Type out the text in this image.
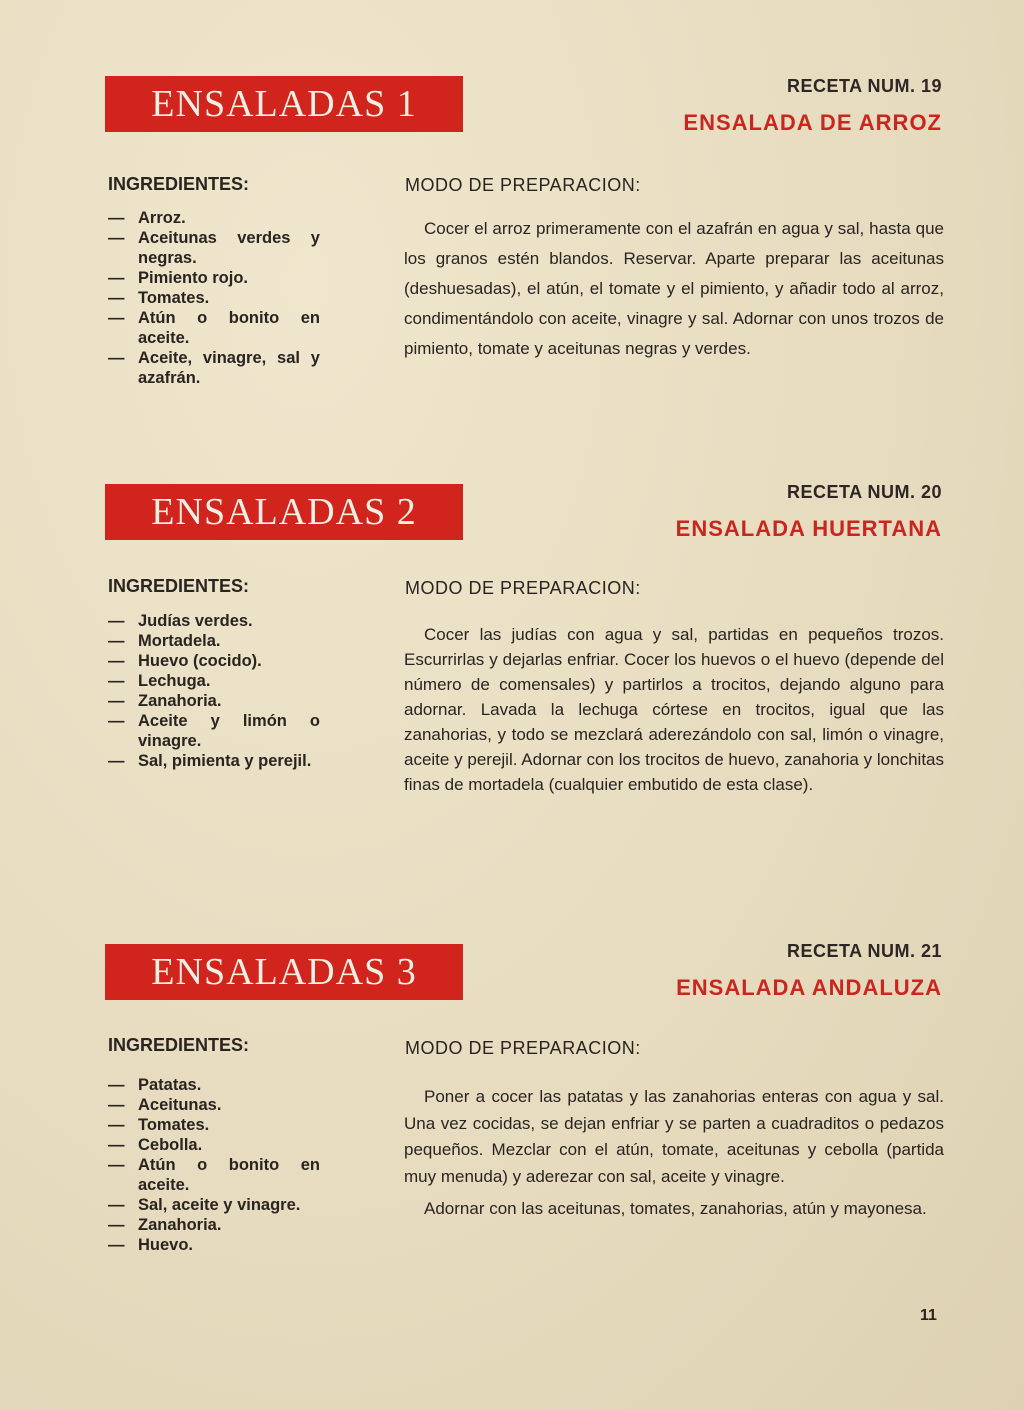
ENSALADAS 1	RECETA NUM. 19
ENSALADA DE ARROZ
INGREDIENTES:
— Arroz.
— Aceitunas verdes y negras.
— Pimiento rojo.
— Tomates.
— Atún o bonito en aceite.
— Aceite, vinagre, sal y azafrán.
MODO DE PREPARACION:

Cocer el arroz primeramente con el azafrán en agua y sal, hasta que los granos estén blandos. Reservar. Aparte preparar las aceitunas (deshuesadas), el atún, el tomate y el pimiento, y añadir todo al arroz, condimentándolo con aceite, vinagre y sal. Adornar con unos trozos de pimiento, tomate y aceitunas negras y verdes.

ENSALADAS 2	RECETA NUM. 20
ENSALADA HUERTANA
INGREDIENTES:
— Judías verdes.
— Mortadela.
— Huevo (cocido).
— Lechuga.
— Zanahoria.
— Aceite y limón o vinagre.
— Sal, pimienta y perejil.
MODO DE PREPARACION:

Cocer las judías con agua y sal, partidas en pequeños trozos. Escurrirlas y dejarlas enfriar. Cocer los huevos o el huevo (depende del número de comensales) y partirlos a trocitos, dejando alguno para adornar. Lavada la lechuga córtese en trocitos, igual que las zanahorias, y todo se mezclará aderezándolo con sal, limón o vinagre, aceite y perejil. Adornar con los trocitos de huevo, zanahoria y lonchitas finas de mortadela (cualquier embutido de esta clase).

ENSALADAS 3	RECETA NUM. 21
ENSALADA ANDALUZA
INGREDIENTES:
— Patatas.
— Aceitunas.
— Tomates.
— Cebolla.
— Atún o bonito en aceite.
— Sal, aceite y vinagre.
— Zanahoria.
— Huevo.
MODO DE PREPARACION:

Poner a cocer las patatas y las zanahorias enteras con agua y sal. Una vez cocidas, se dejan enfriar y se parten a cuadraditos o pedazos pequeños. Mezclar con el atún, tomate, aceitunas y cebolla (partida muy menuda) y aderezar con sal, aceite y vinagre.

Adornar con las aceitunas, tomates, zanahorias, atún y mayonesa.

11
